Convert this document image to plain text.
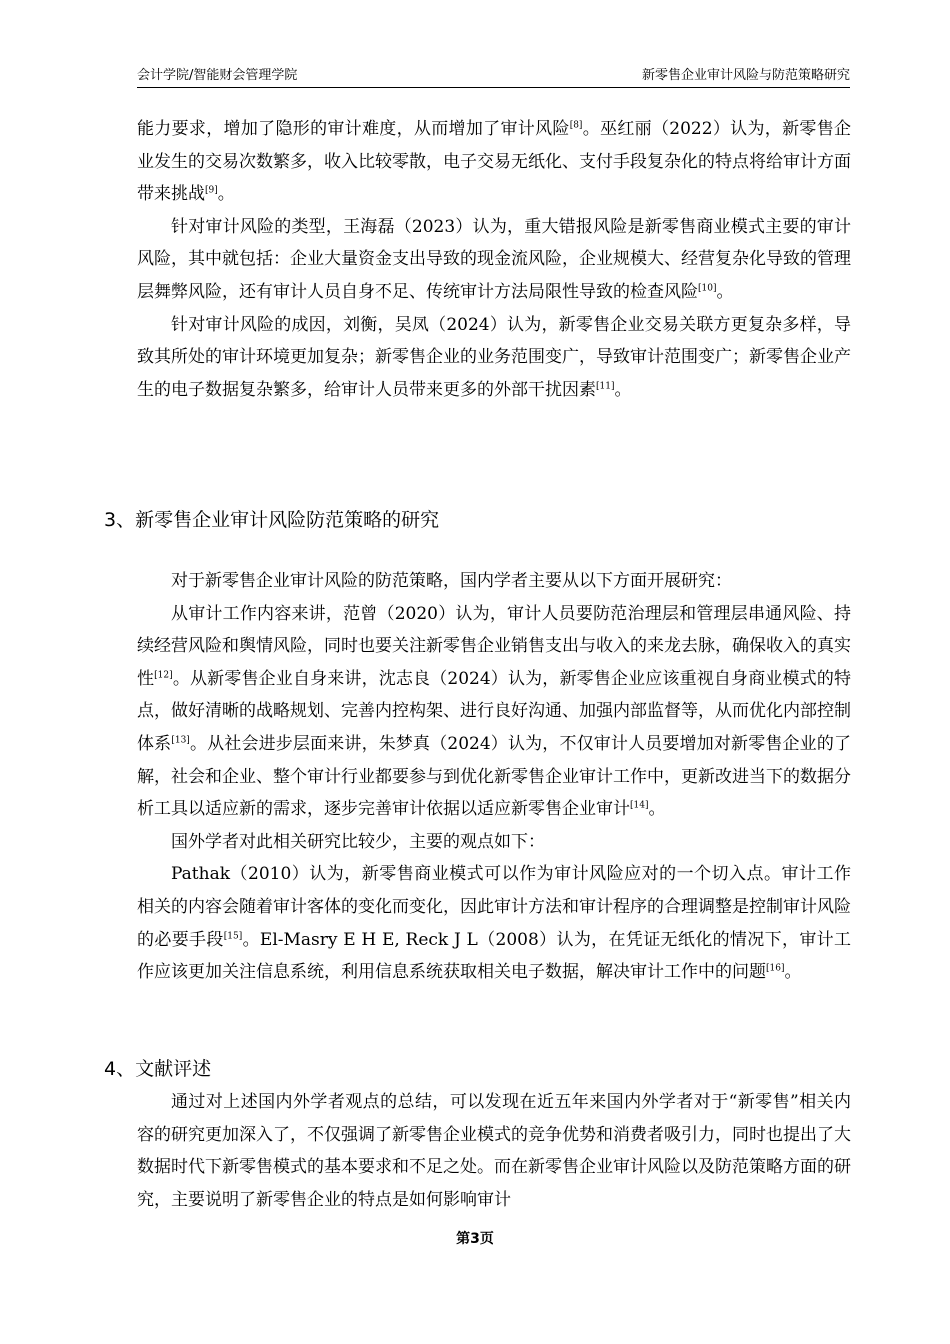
会计学院/智能财会管理学院	新零售企业审计风险与防范策略研究

能力要求，增加了隐形的审计难度，从而增加了审计风险[8]。巫红丽（2022）认为，新零售企业发生的交易次数繁多，收入比较零散，电子交易无纸化、支付手段复杂化的特点将给审计方面带来挑战[9]。

针对审计风险的类型，王海磊（2023）认为，重大错报风险是新零售商业模式主要的审计风险，其中就包括：企业大量资金支出导致的现金流风险，企业规模大、经营复杂化导致的管理层舞弊风险，还有审计人员自身不足、传统审计方法局限性导致的检查风险[10]。

针对审计风险的成因，刘衡，吴凤（2024）认为，新零售企业交易关联方更复杂多样，导致其所处的审计环境更加复杂；新零售企业的业务范围变广，导致审计范围变广；新零售企业产生的电子数据复杂繁多，给审计人员带来更多的外部干扰因素[11]。

3、新零售企业审计风险防范策略的研究

对于新零售企业审计风险的防范策略，国内学者主要从以下方面开展研究：

从审计工作内容来讲，范曾（2020）认为，审计人员要防范治理层和管理层串通风险、持续经营风险和舆情风险，同时也要关注新零售企业销售支出与收入的来龙去脉，确保收入的真实性[12]。从新零售企业自身来讲，沈志良（2024）认为，新零售企业应该重视自身商业模式的特点，做好清晰的战略规划、完善内控构架、进行良好沟通、加强内部监督等，从而优化内部控制体系[13]。从社会进步层面来讲，朱梦真（2024）认为，不仅审计人员要增加对新零售企业的了解，社会和企业、整个审计行业都要参与到优化新零售企业审计工作中，更新改进当下的数据分析工具以适应新的需求，逐步完善审计依据以适应新零售企业审计[14]。

国外学者对此相关研究比较少，主要的观点如下：

Pathak（2010）认为，新零售商业模式可以作为审计风险应对的一个切入点。审计工作相关的内容会随着审计客体的变化而变化，因此审计方法和审计程序的合理调整是控制审计风险的必要手段[15]。El-Masry E H E, Reck J L（2008）认为，在凭证无纸化的情况下，审计工作应该更加关注信息系统，利用信息系统获取相关电子数据，解决审计工作中的问题[16]。

4、文献评述

通过对上述国内外学者观点的总结，可以发现在近五年来国内外学者对于“新零售”相关内容的研究更加深入了，不仅强调了新零售企业模式的竞争优势和消费者吸引力，同时也提出了大数据时代下新零售模式的基本要求和不足之处。而在新零售企业审计风险以及防范策略方面的研究，主要说明了新零售企业的特点是如何影响审计

第3页
